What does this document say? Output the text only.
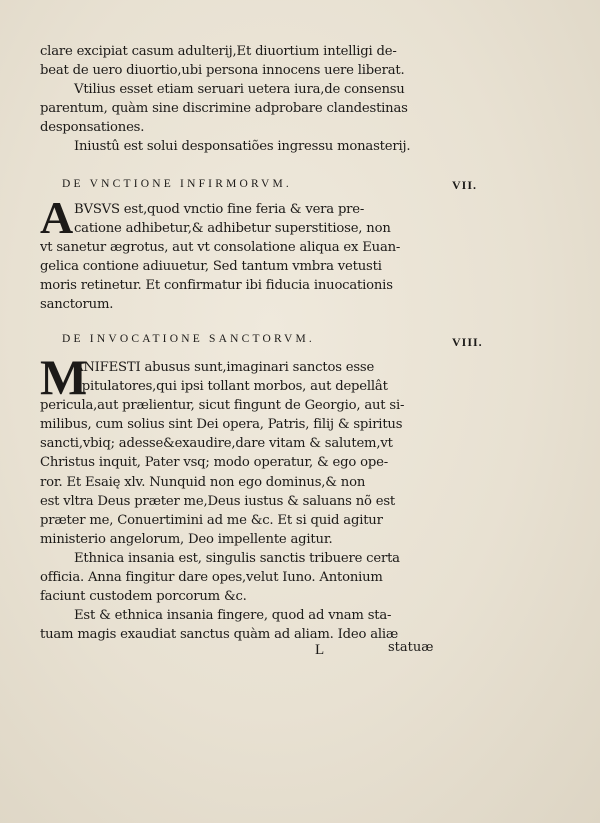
clare excipiat casum adulterij,Et diuortium intelligi de-
beat de uero diuortio,ubi persona innocens uere liberat.
Vtilius esset etiam seruari uetera iura,de consensu
parentum, quàm sine discrimine adprobare clandestinas
desponsationes.
Iniustû est solui desponsatiões ingressu monasterij.
DE VNCTIONE INFIRMORVM.	VII.
A BVSVS est,quod vnctio fine feria & vera pre-
catione adhibetur,& adhibetur superstitiose, non
vt sanetur ægrotus, aut vt consolatione aliqua ex Euan-
gelica contione adiuuetur, Sed tantum vmbra vetusti
moris retinetur. Et confirmatur ibi fiducia inuocationis
sanctorum.
DE INVOCATIONE SANCTORVM.	VIII.
M
ANIFESTI abusus sunt,imaginari sanctos esse
opitulatores,qui ipsi tollant morbos, aut depellât
pericula,aut prælientur, sicut fingunt de Georgio, aut si-
milibus, cum solius sint Dei opera, Patris, filij & spiritus
sancti,vbiq; adesse&exaudire,dare vitam & salutem,vt
Christus inquit, Pater vsq; modo operatur, & ego ope-
ror. Et Esaię xlv. Nunquid non ego dominus,& non
est vltra Deus præter me,Deus iustus & saluans nõ est
præter me, Conuertimini ad me &c. Et si quid agitur
ministerio angelorum, Deo impellente agitur.
Ethnica insania est, singulis sanctis tribuere certa
officia. Anna fingitur dare opes,velut Iuno. Antonium
faciunt custodem porcorum &c.
Est & ethnica insania fingere, quod ad vnam sta-
tuam magis exaudiat sanctus quàm ad aliam. Ideo aliæ
L	statuæ
